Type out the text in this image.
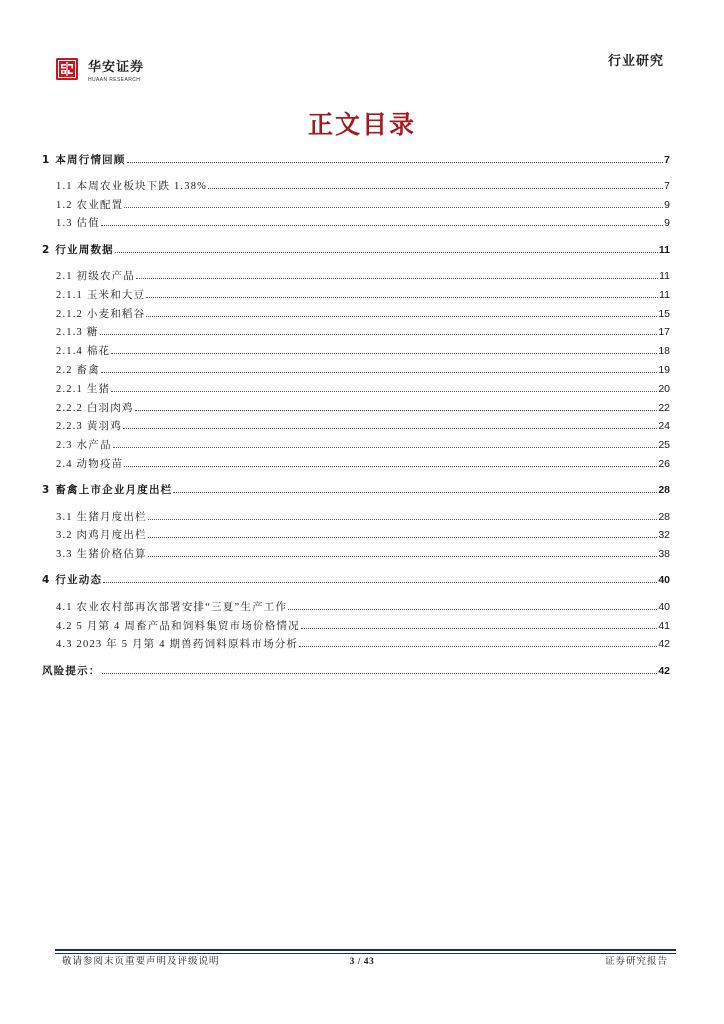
华安证券
HUAAN RESEARCH
行业研究
正文目录
1 本周行情回顾	7
1.1 本周农业板块下跌 1.38%	7
1.2 农业配置	9
1.3 估值	9
2 行业周数据	11
2.1 初级农产品	11
2.1.1 玉米和大豆	11
2.1.2 小麦和稻谷	15
2.1.3 糖	17
2.1.4 棉花	18
2.2 畜禽	19
2.2.1 生猪	20
2.2.2 白羽肉鸡	22
2.2.3 黄羽鸡	24
2.3 水产品	25
2.4 动物疫苗	26
3 畜禽上市企业月度出栏	28
3.1 生猪月度出栏	28
3.2 肉鸡月度出栏	32
3.3 生猪价格估算	38
4 行业动态	40
4.1 农业农村部再次部署安排“三夏”生产工作	40
4.2 5 月第 4 周畜产品和饲料集贸市场价格情况	41
4.3 2023 年 5 月第 4 期兽药饲料原料市场分析	42
风险提示：	42
敬请参阅末页重要声明及评级说明	3 / 43	证券研究报告
